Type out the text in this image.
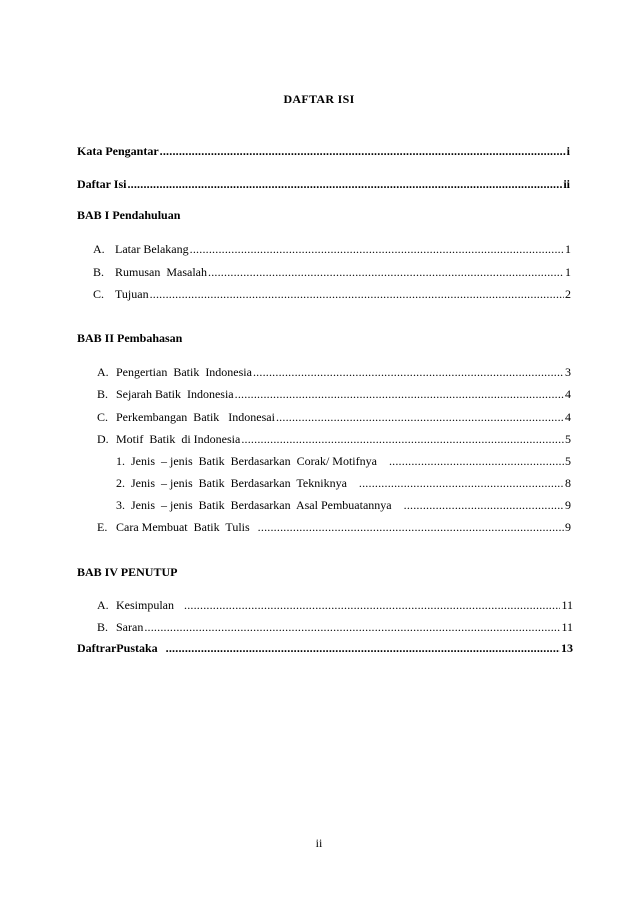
DAFTAR ISI
Kata Pengantar .....	i
Daftar Isi .....	ii
BAB I Pendahuluan
A. Latar Belakang .....	1
B. Rumusan  Masalah .....	1
C. Tujuan .....	2
BAB II Pembahasan
A. Pengertian  Batik  Indonesia .....	3
B. Sejarah Batik  Indonesia .....	4
C. Perkembangan  Batik   Indonesai .....	4
D. Motif  Batik  di Indonesia .....	5
1. Jenis  – jenis  Batik  Berdasarkan  Corak/ Motifnya .....	5
2. Jenis  – jenis  Batik  Berdasarkan  Tekniknya .....	8
3. Jenis  – jenis  Batik  Berdasarkan  Asal Pembuatannya .....	9
E. Cara Membuat  Batik  Tulis .....	9
BAB IV PENUTUP
A. Kesimpulan .....	11
B. Saran .....	11
DaftrarPustaka .....	13
ii
